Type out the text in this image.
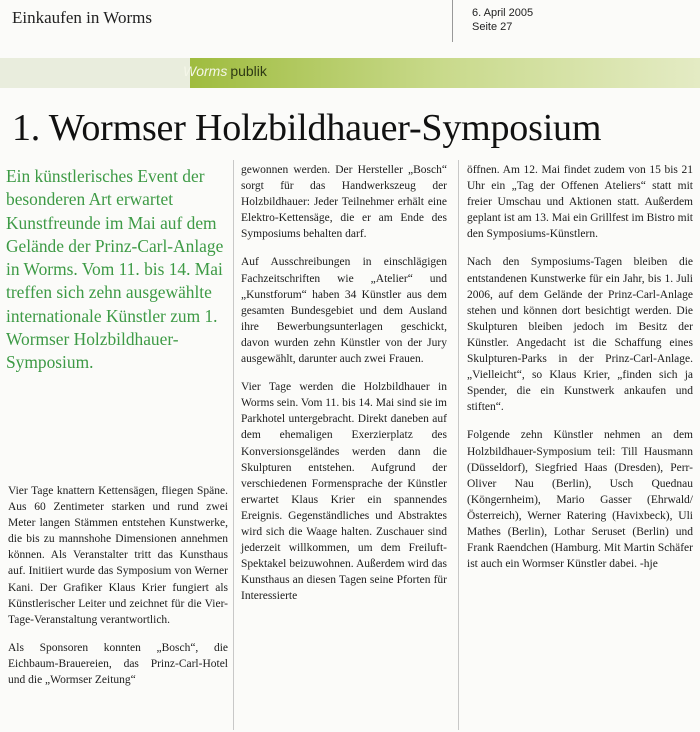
Einkaufen in Worms	6. April 2005
Seite 27
Worms publik
1. Wormser Holzbildhauer-Symposium

Ein künstlerisches Event der besonderen Art erwartet Kunstfreunde im Mai auf dem Gelände der Prinz-Carl-Anlage in Worms. Vom 11. bis 14. Mai treffen sich zehn ausgewählte internationale Künstler zum 1. Wormser Holzbildhauer-Symposium.

Vier Tage knattern Kettensägen, fliegen Späne. Aus 60 Zentimeter starken und rund zwei Meter langen Stämmen entstehen Kunstwerke, die bis zu mannshohe Dimensionen annehmen können. Als Veranstalter tritt das Kunsthaus auf. Initiiert wurde das Symposium von Werner Kani. Der Grafiker Klaus Krier fungiert als Künstlerischer Leiter und zeichnet für die Vier-Tage-Veranstaltung verantwortlich.

Als Sponsoren konnten „Bosch“, die Eichbaum-Brauereien, das Prinz-Carl-Hotel und die „Wormser Zeitung“

gewonnen werden. Der Hersteller „Bosch“ sorgt für das Handwerkszeug der Holzbildhauer: Jeder Teilnehmer erhält eine Elektro-Kettensäge, die er am Ende des Symposiums behalten darf.

Auf Ausschreibungen in einschlägigen Fachzeitschriften wie „Atelier“ und „Kunstforum“ haben 34 Künstler aus dem gesamten Bundesgebiet und dem Ausland ihre Bewerbungsunterlagen geschickt, davon wurden zehn Künstler von der Jury ausgewählt, darunter auch zwei Frauen.

Vier Tage werden die Holzbildhauer in Worms sein. Vom 11. bis 14. Mai sind sie im Parkhotel untergebracht. Direkt daneben auf dem ehemaligen Exerzierplatz des Konversionsgeländes werden dann die Skulpturen entstehen. Aufgrund der verschiedenen Formensprache der Künstler erwartet Klaus Krier ein spannendes Ereignis. Gegenständliches und Abstraktes wird sich die Waage halten. Zuschauer sind jederzeit willkommen, um dem Freiluft-Spektakel beizuwohnen. Außerdem wird das Kunsthaus an diesen Tagen seine Pforten für Interessierte

öffnen. Am 12. Mai findet zudem von 15 bis 21 Uhr ein „Tag der Offenen Ateliers“ statt mit freier Umschau und Aktionen statt. Außerdem geplant ist am 13. Mai ein Grillfest im Bistro mit den Symposiums-Künstlern.

Nach den Symposiums-Tagen bleiben die entstandenen Kunstwerke für ein Jahr, bis 1. Juli 2006, auf dem Gelände der Prinz-Carl-Anlage stehen und können dort besichtigt werden. Die Skulpturen bleiben jedoch im Besitz der Künstler. Angedacht ist die Schaffung eines Skulpturen-Parks in der Prinz-Carl-Anlage. „Vielleicht“, so Klaus Krier, „finden sich ja Spender, die ein Kunstwerk ankaufen und stiften“.

Folgende zehn Künstler nehmen an dem Holzbildhauer-Symposium teil: Till Hausmann (Düsseldorf), Siegfried Haas (Dresden), Perr-Oliver Nau (Berlin), Usch Quednau (Köngernheim), Mario Gasser (Ehrwald/Österreich), Werner Ratering (Havixbeck), Uli Mathes (Berlin), Lothar Seruset (Berlin) und Frank Raendchen (Hamburg. Mit Martin Schäfer ist auch ein Wormser Künstler dabei. -hje
